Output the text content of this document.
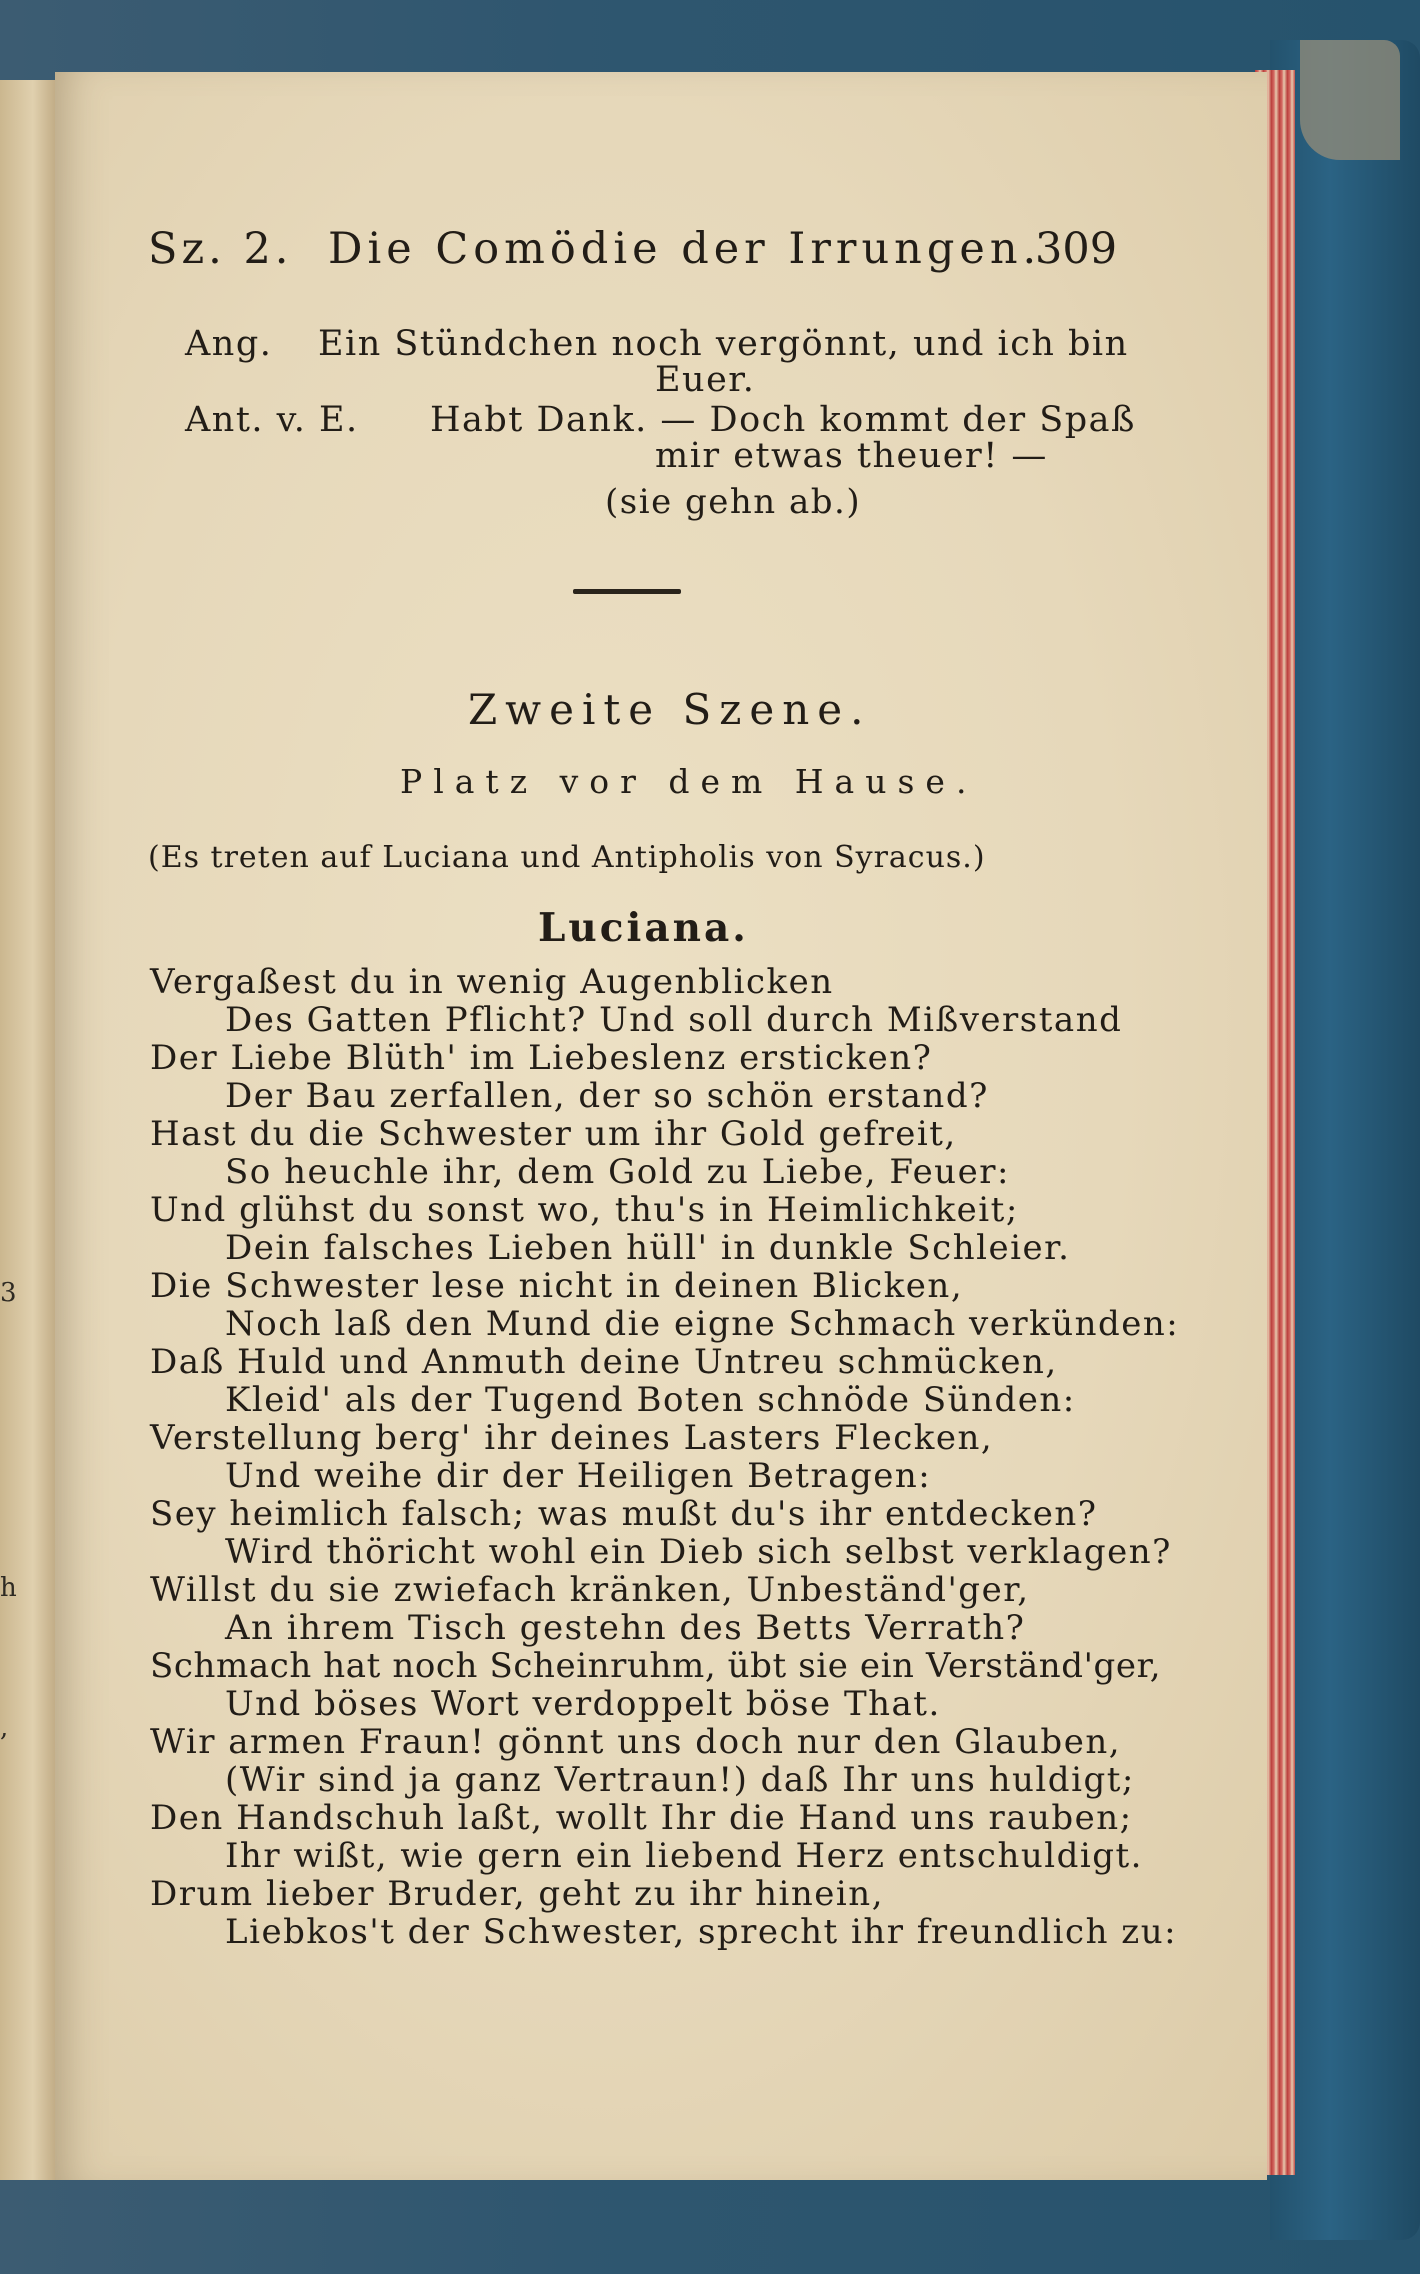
3
h
,
Sz. 2. Die Comödie der Irrungen.
309
Ang. Ein Stündchen noch vergönnt, und ich bin
Euer.
Ant. v. E. Habt Dank. — Doch kommt der Spaß
mir etwas theuer! —
(sie gehn ab.)
Zweite Szene.
Platz vor dem Hause.
(Es treten auf Luciana und Antipholis von Syracus.)
Luciana.
Vergaßest du in wenig Augenblicken
Des Gatten Pflicht? Und soll durch Mißverstand
Der Liebe Blüth' im Liebeslenz ersticken?
Der Bau zerfallen, der so schön erstand?
Hast du die Schwester um ihr Gold gefreit,
So heuchle ihr, dem Gold zu Liebe, Feuer:
Und glühst du sonst wo, thu's in Heimlichkeit;
Dein falsches Lieben hüll' in dunkle Schleier.
Die Schwester lese nicht in deinen Blicken,
Noch laß den Mund die eigne Schmach verkünden:
Daß Huld und Anmuth deine Untreu schmücken,
Kleid' als der Tugend Boten schnöde Sünden:
Verstellung berg' ihr deines Lasters Flecken,
Und weihe dir der Heiligen Betragen:
Sey heimlich falsch; was mußt du's ihr entdecken?
Wird thöricht wohl ein Dieb sich selbst verklagen?
Willst du sie zwiefach kränken, Unbeständ'ger,
An ihrem Tisch gestehn des Betts Verrath?
Schmach hat noch Scheinruhm, übt sie ein Verständ'ger,
Und böses Wort verdoppelt böse That.
Wir armen Fraun! gönnt uns doch nur den Glauben,
(Wir sind ja ganz Vertraun!) daß Ihr uns huldigt;
Den Handschuh laßt, wollt Ihr die Hand uns rauben;
Ihr wißt, wie gern ein liebend Herz entschuldigt.
Drum lieber Bruder, geht zu ihr hinein,
Liebkos't der Schwester, sprecht ihr freundlich zu:
